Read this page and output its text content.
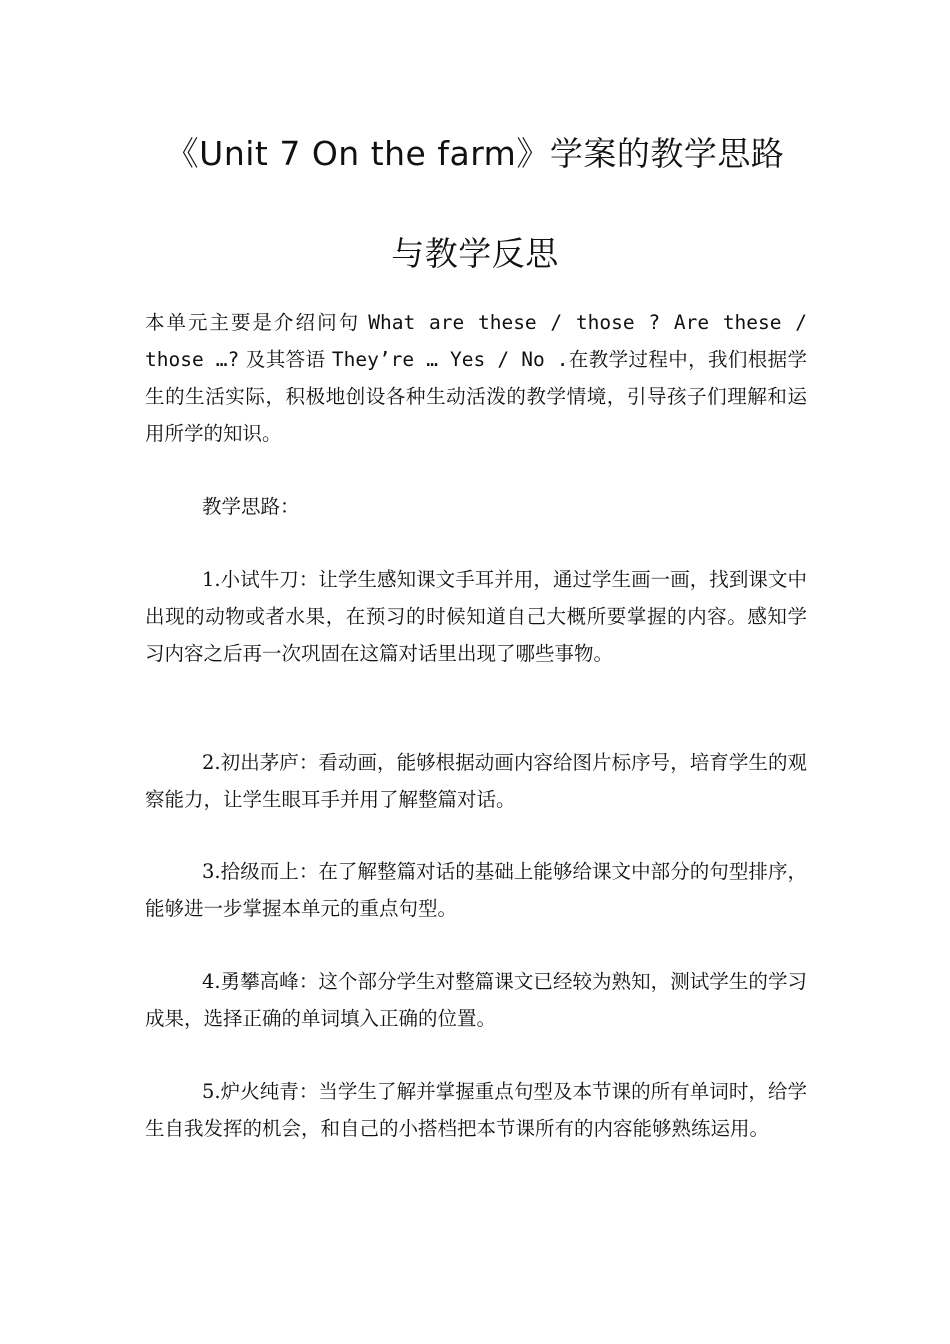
《Unit 7 On the farm》学案的教学思路
与教学反思

本单元主要是介绍问句 What are these / those ? Are these / those …? 及其答语 They’re … Yes / No .在教学过程中，我们根据学生的生活实际，积极地创设各种生动活泼的教学情境，引导孩子们理解和运用所学的知识。

教学思路：

1.小试牛刀：让学生感知课文手耳并用，通过学生画一画，找到课文中出现的动物或者水果，在预习的时候知道自己大概所要掌握的内容。感知学习内容之后再一次巩固在这篇对话里出现了哪些事物。

2.初出茅庐：看动画，能够根据动画内容给图片标序号，培育学生的观察能力，让学生眼耳手并用了解整篇对话。

3.拾级而上：在了解整篇对话的基础上能够给课文中部分的句型排序，能够进一步掌握本单元的重点句型。

4.勇攀高峰：这个部分学生对整篇课文已经较为熟知，测试学生的学习成果，选择正确的单词填入正确的位置。

5.炉火纯青：当学生了解并掌握重点句型及本节课的所有单词时，给学生自我发挥的机会，和自己的小搭档把本节课所有的内容能够熟练运用。
